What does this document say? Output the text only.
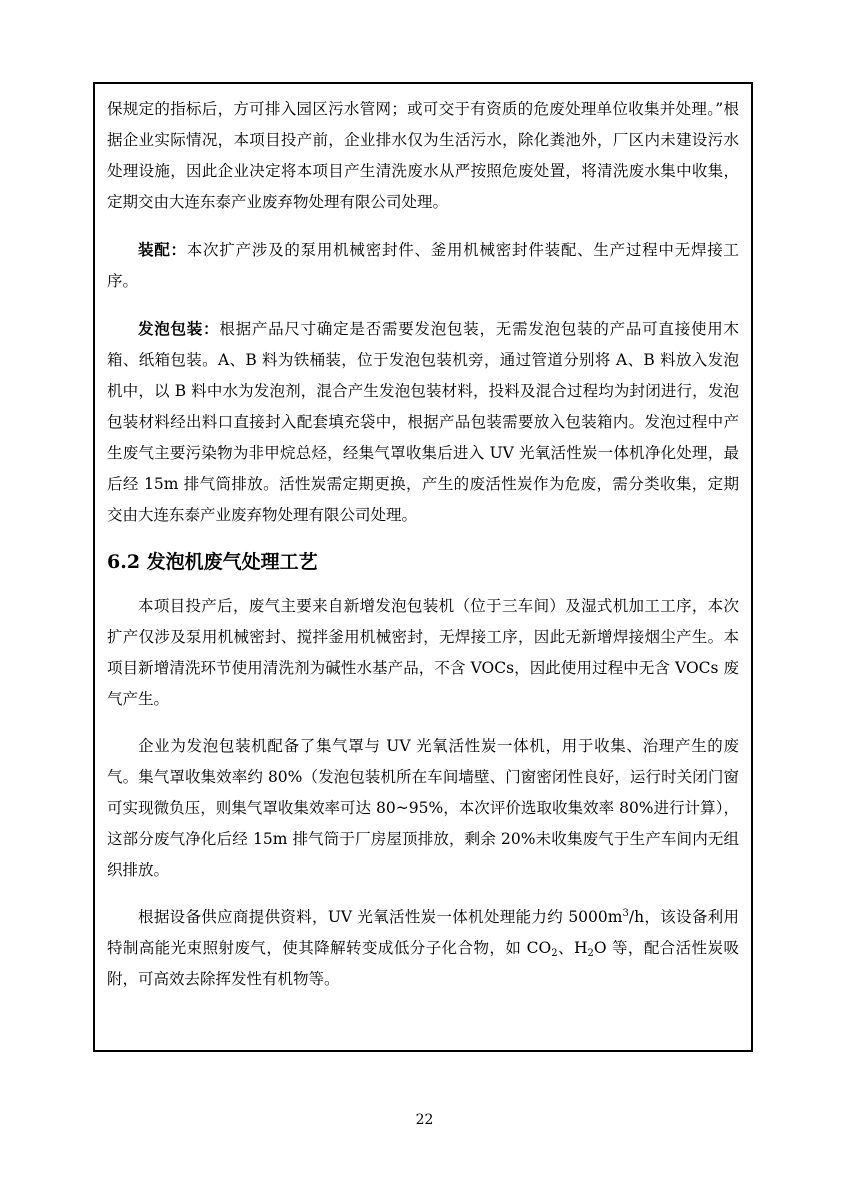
保规定的指标后，方可排入园区污水管网；或可交于有资质的危废处理单位收集并处理。”根据企业实际情况，本项目投产前，企业排水仅为生活污水，除化粪池外，厂区内未建设污水处理设施，因此企业决定将本项目产生清洗废水从严按照危废处置，将清洗废水集中收集，定期交由大连东泰产业废弃物处理有限公司处理。

装配：本次扩产涉及的泵用机械密封件、釜用机械密封件装配、生产过程中无焊接工序。

发泡包装：根据产品尺寸确定是否需要发泡包装，无需发泡包装的产品可直接使用木箱、纸箱包装。A、B 料为铁桶装，位于发泡包装机旁，通过管道分别将 A、B 料放入发泡机中，以 B 料中水为发泡剂，混合产生发泡包装材料，投料及混合过程均为封闭进行，发泡包装材料经出料口直接封入配套填充袋中，根据产品包装需要放入包装箱内。发泡过程中产生废气主要污染物为非甲烷总烃，经集气罩收集后进入 UV 光氧活性炭一体机净化处理，最后经 15m 排气筒排放。活性炭需定期更换，产生的废活性炭作为危废，需分类收集，定期交由大连东泰产业废弃物处理有限公司处理。

6.2 发泡机废气处理工艺

本项目投产后，废气主要来自新增发泡包装机（位于三车间）及湿式机加工工序，本次扩产仅涉及泵用机械密封、搅拌釜用机械密封，无焊接工序，因此无新增焊接烟尘产生。本项目新增清洗环节使用清洗剂为碱性水基产品，不含 VOCs，因此使用过程中无含 VOCs 废气产生。

企业为发泡包装机配备了集气罩与 UV 光氧活性炭一体机，用于收集、治理产生的废气。集气罩收集效率约 80%（发泡包装机所在车间墙壁、门窗密闭性良好，运行时关闭门窗可实现微负压，则集气罩收集效率可达 80~95%，本次评价选取收集效率 80%进行计算），这部分废气净化后经 15m 排气筒于厂房屋顶排放，剩余 20%未收集废气于生产车间内无组织排放。

根据设备供应商提供资料，UV 光氧活性炭一体机处理能力约 $5000m^3/h$，该设备利用特制高能光束照射废气，使其降解转变成低分子化合物，如 $CO_2$、$H_2O$ 等，配合活性炭吸附，可高效去除挥发性有机物等。

22
